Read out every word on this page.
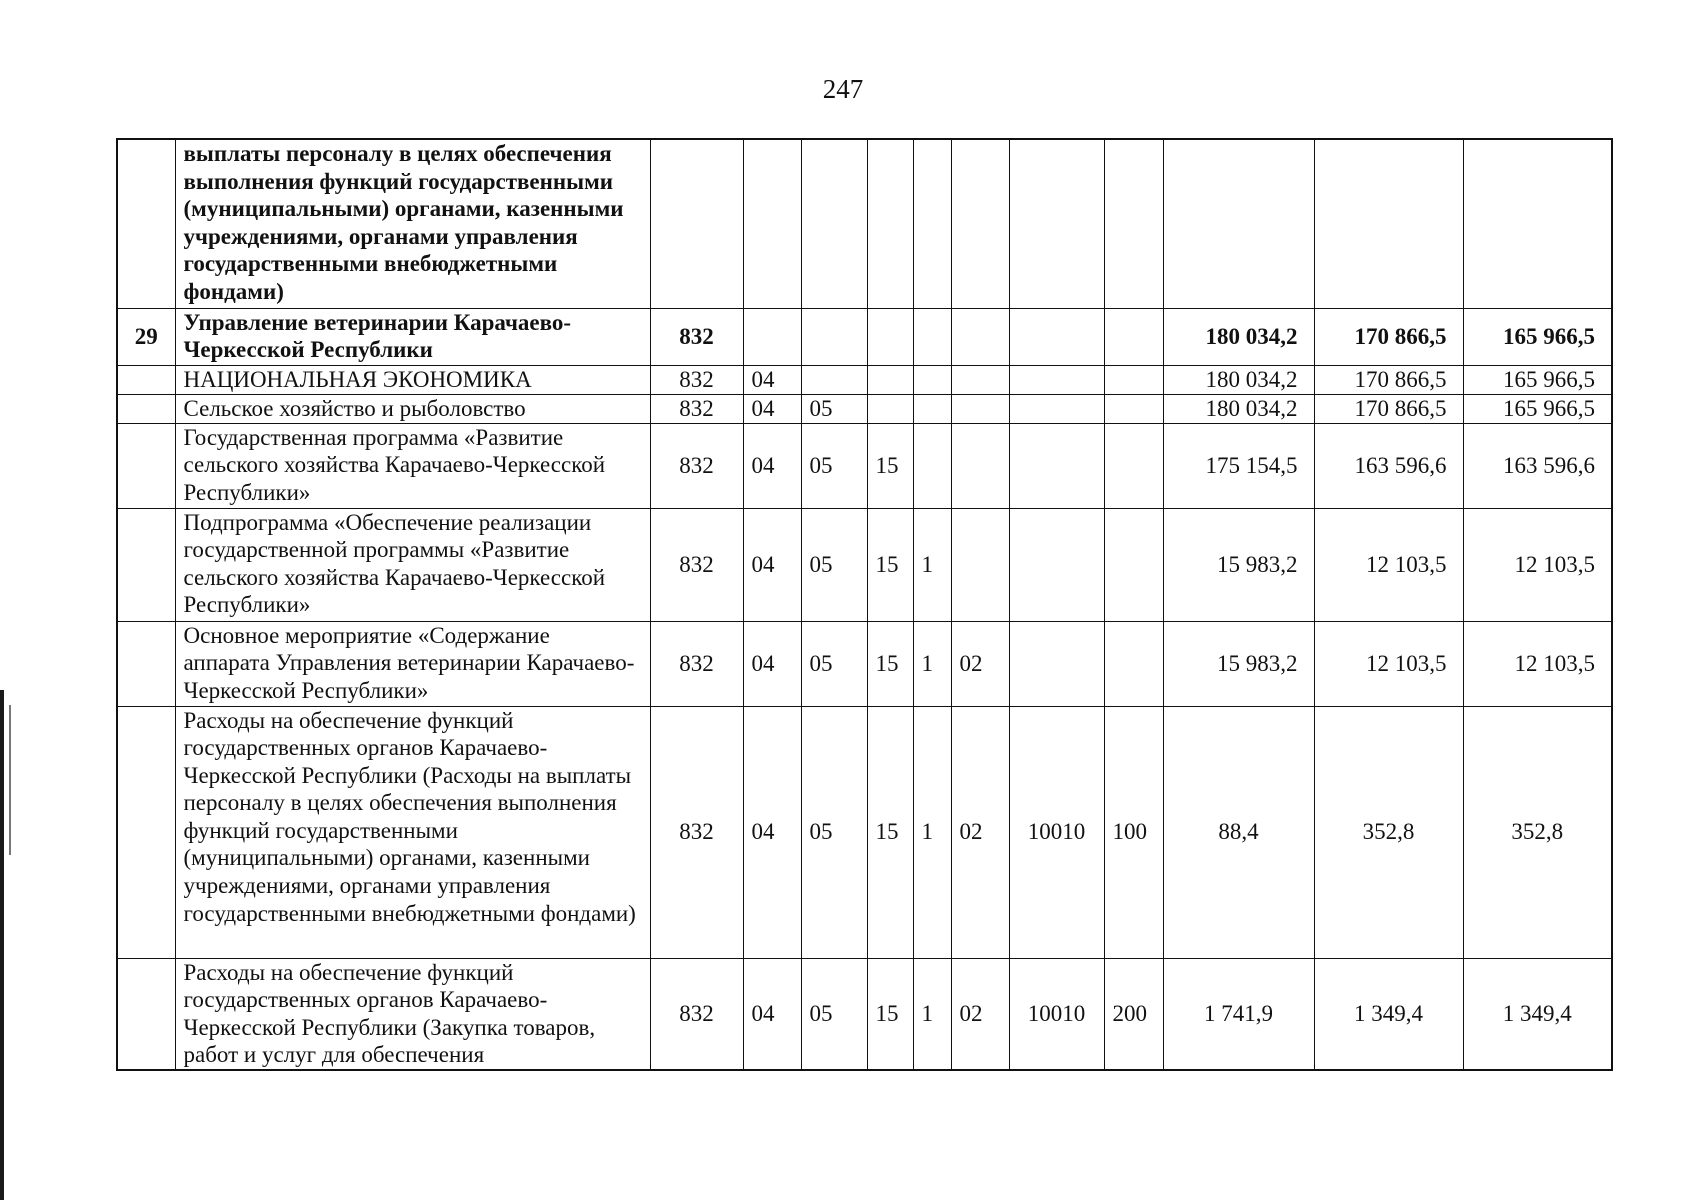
247
	выплаты персоналу в целях обеспечения выполнения функций государственными (муниципальными) органами, казенными учреждениями, органами управления государственными внебюджетными фондами)											
29	Управление ветеринарии Карачаево-Черкесской Республики	832								180 034,2	170 866,5	165 966,5
	НАЦИОНАЛЬНАЯ ЭКОНОМИКА	832	04							180 034,2	170 866,5	165 966,5
	Сельское хозяйство и рыболовство	832	04	05						180 034,2	170 866,5	165 966,5
	Государственная программа «Развитие сельского хозяйства Карачаево-Черкесской Республики»	832	04	05	15					175 154,5	163 596,6	163 596,6
	Подпрограмма «Обеспечение реализации государственной программы «Развитие сельского хозяйства Карачаево-Черкесской Республики»	832	04	05	15	1				15 983,2	12 103,5	12 103,5
	Основное мероприятие «Содержание аппарата Управления ветеринарии Карачаево-Черкесской Республики»	832	04	05	15	1	02			15 983,2	12 103,5	12 103,5
	Расходы на обеспечение функций государственных органов Карачаево-Черкесской Республики (Расходы на выплаты персоналу в целях обеспечения выполнения функций государственными (муниципальными) органами, казенными учреждениями, органами управления государственными внебюджетными фондами)	832	04	05	15	1	02	10010	100	88,4	352,8	352,8
	Расходы на обеспечение функций государственных органов Карачаево-Черкесской Республики (Закупка товаров, работ и услуг для обеспечения	832	04	05	15	1	02	10010	200	1 741,9	1 349,4	1 349,4
